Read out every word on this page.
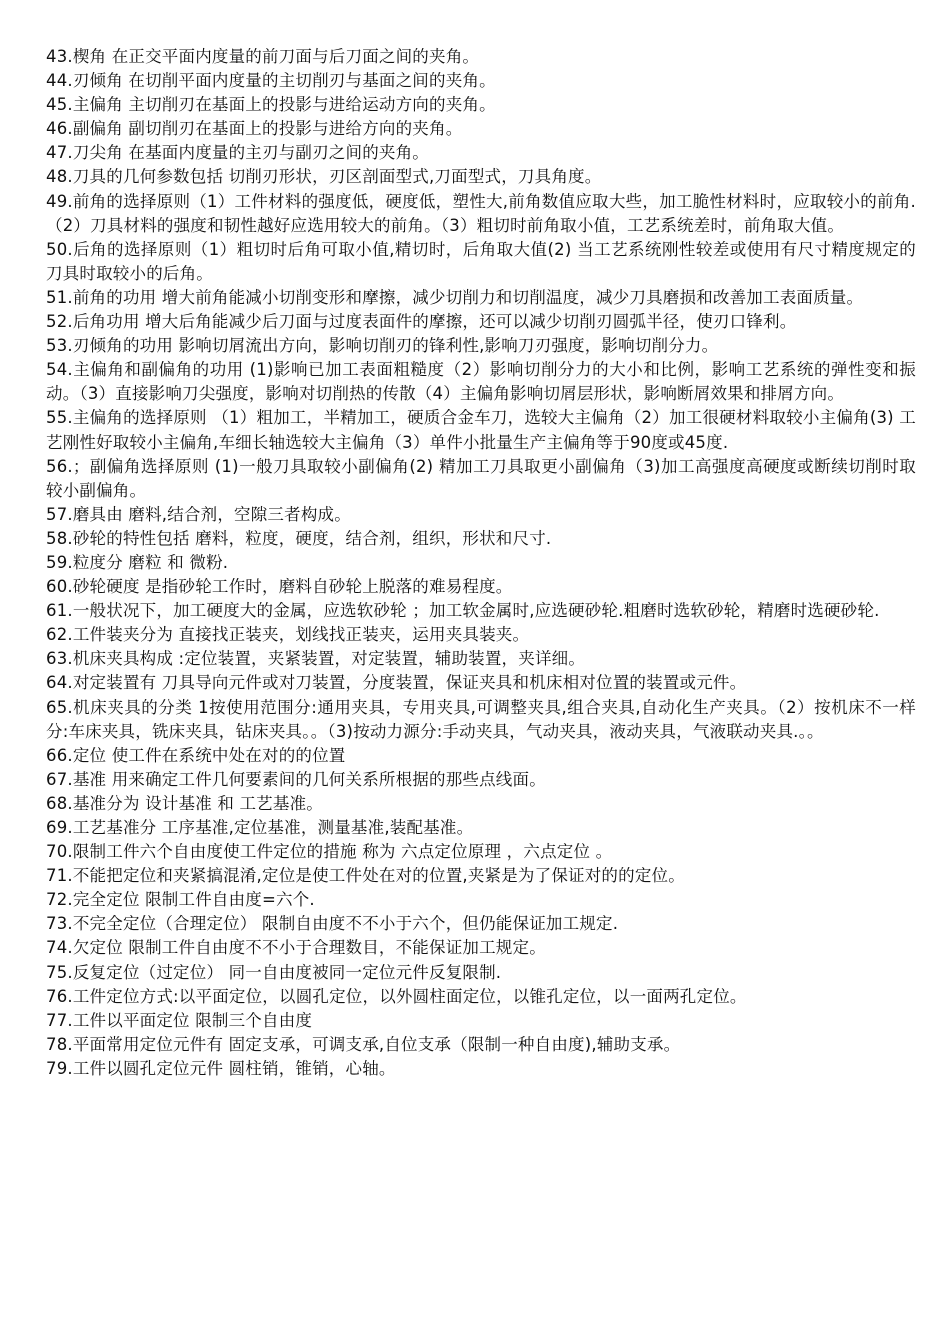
43.楔角 在正交平面内度量的前刀面与后刀面之间的夹角。

44.刃倾角 在切削平面内度量的主切削刃与基面之间的夹角。

45.主偏角 主切削刃在基面上的投影与进给运动方向的夹角。

46.副偏角 副切削刃在基面上的投影与进给方向的夹角。

47.刀尖角 在基面内度量的主刃与副刃之间的夹角。

48.刀具的几何参数包括 切削刃形状，刃区剖面型式,刀面型式，刀具角度。

49.前角的选择原则（1）工件材料的强度低，硬度低，塑性大,前角数值应取大些，加工脆性材料时，应取较小的前角.（2）刀具材料的强度和韧性越好应选用较大的前角。（3）粗切时前角取小值，工艺系统差时，前角取大值。

50.后角的选择原则（1）粗切时后角可取小值,精切时，后角取大值(2) 当工艺系统刚性较差或使用有尺寸精度规定的刀具时取较小的后角。

51.前角的功用 增大前角能减小切削变形和摩擦，减少切削力和切削温度，减少刀具磨损和改善加工表面质量。

52.后角功用 增大后角能减少后刀面与过度表面件的摩擦，还可以减少切削刃圆弧半径，使刃口锋利。

53.刃倾角的功用 影响切屑流出方向，影响切削刃的锋利性,影响刀刃强度，影响切削分力。

54.主偏角和副偏角的功用 (1)影响已加工表面粗糙度（2）影响切削分力的大小和比例，影响工艺系统的弹性变和振动。（3）直接影响刀尖强度，影响对切削热的传散（4）主偏角影响切屑层形状，影响断屑效果和排屑方向。

55.主偏角的选择原则 （1）粗加工，半精加工，硬质合金车刀，选较大主偏角（2）加工很硬材料取较小主偏角(3) 工艺刚性好取较小主偏角,车细长轴选较大主偏角（3）单件小批量生产主偏角等于90度或45度.

56.；副偏角选择原则 (1)一般刀具取较小副偏角(2) 精加工刀具取更小副偏角（3)加工高强度高硬度或断续切削时取较小副偏角。

57.磨具由 磨料,结合剂，空隙三者构成。

58.砂轮的特性包括 磨料，粒度，硬度，结合剂，组织，形状和尺寸.

59.粒度分 磨粒 和 微粉.

60.砂轮硬度 是指砂轮工作时，磨料自砂轮上脱落的难易程度。

61.一般状况下，加工硬度大的金属，应选软砂轮 ；加工软金属时,应选硬砂轮.粗磨时选软砂轮，精磨时选硬砂轮.

62.工件装夹分为 直接找正装夹，划线找正装夹，运用夹具装夹。

63.机床夹具构成 :定位装置，夹紧装置，对定装置，辅助装置，夹详细。

64.对定装置有 刀具导向元件或对刀装置，分度装置，保证夹具和机床相对位置的装置或元件。

65.机床夹具的分类 1按使用范围分:通用夹具，专用夹具,可调整夹具,组合夹具,自动化生产夹具。（2）按机床不一样分:车床夹具，铣床夹具，钻床夹具。。（3)按动力源分:手动夹具，气动夹具，液动夹具，气液联动夹具.。。

66.定位 使工件在系统中处在对的的位置

67.基准 用来确定工件几何要素间的几何关系所根据的那些点线面。

68.基准分为 设计基准 和 工艺基准。

69.工艺基准分 工序基准,定位基准，测量基准,装配基准。

70.限制工件六个自由度使工件定位的措施 称为 六点定位原理 ，六点定位 。

71.不能把定位和夹紧搞混淆,定位是使工件处在对的位置,夹紧是为了保证对的的定位。

72.完全定位 限制工件自由度=六个.

73.不完全定位（合理定位） 限制自由度不不小于六个，但仍能保证加工规定.

74.欠定位 限制工件自由度不不小于合理数目，不能保证加工规定。

75.反复定位（过定位） 同一自由度被同一定位元件反复限制.

76.工件定位方式:以平面定位，以圆孔定位，以外圆柱面定位，以锥孔定位，以一面两孔定位。

77.工件以平面定位 限制三个自由度

78.平面常用定位元件有 固定支承，可调支承,自位支承（限制一种自由度),辅助支承。

79.工件以圆孔定位元件 圆柱销，锥销，心轴。
